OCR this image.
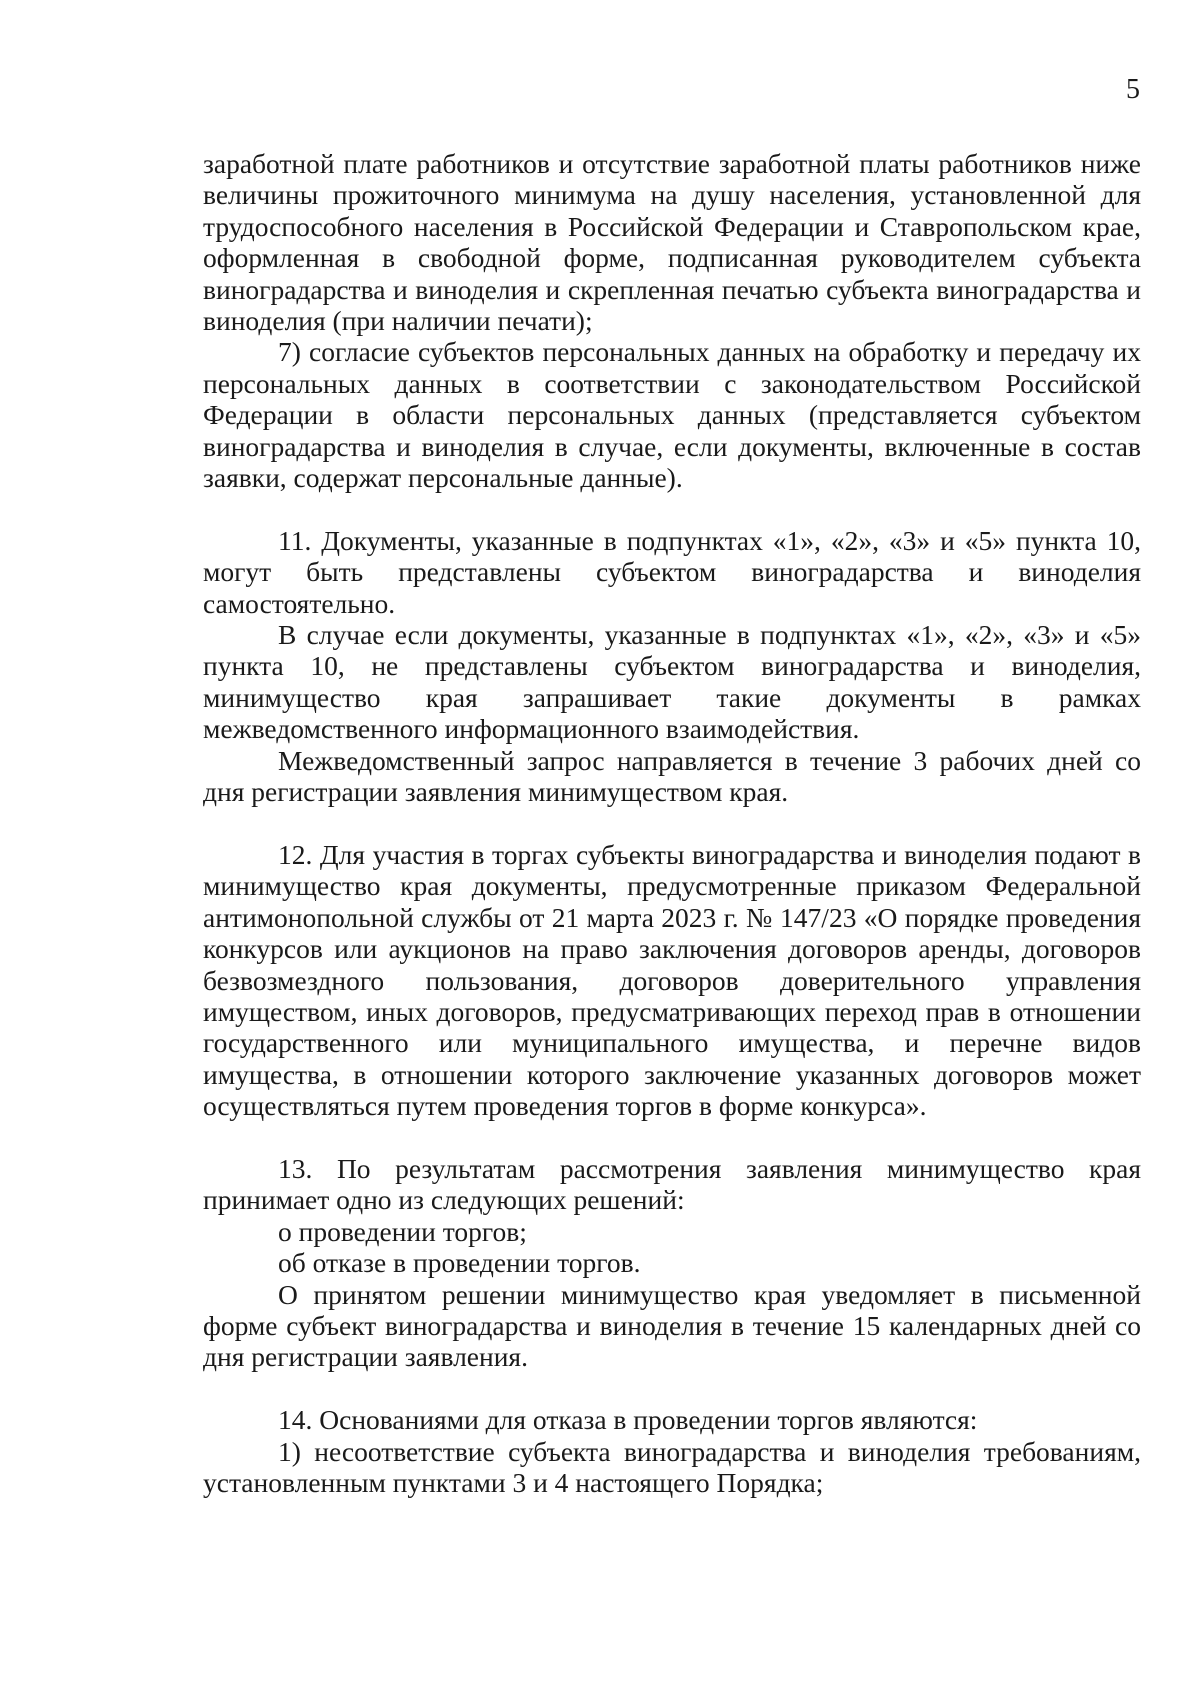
5

заработной плате работников и отсутствие заработной платы работников ниже величины прожиточного минимума на душу населения, установленной для трудоспособного населения в Российской Федерации и Ставропольском крае, оформленная в свободной форме, подписанная руководителем субъекта виноградарства и виноделия и скрепленная печатью субъекта виноградарства и виноделия (при наличии печати);

7) согласие субъектов персональных данных на обработку и передачу их персональных данных в соответствии с законодательством Российской Федерации в области персональных данных (представляется субъектом виноградарства и виноделия в случае, если документы, включенные в состав заявки, содержат персональные данные).

11. Документы, указанные в подпунктах «1», «2», «3» и «5» пункта 10, могут быть представлены субъектом виноградарства и виноделия самостоятельно.

В случае если документы, указанные в подпунктах «1», «2», «3» и «5» пункта 10, не представлены субъектом виноградарства и виноделия, минимущество края запрашивает такие документы в рамках межведомственного информационного взаимодействия.

Межведомственный запрос направляется в течение 3 рабочих дней со дня регистрации заявления минимуществом края.

12. Для участия в торгах субъекты виноградарства и виноделия подают в минимущество края документы, предусмотренные приказом Федеральной антимонопольной службы от 21 марта 2023 г. № 147/23 «О порядке проведения конкурсов или аукционов на право заключения договоров аренды, договоров безвозмездного пользования, договоров доверительного управления имуществом, иных договоров, предусматривающих переход прав в отношении государственного или муниципального имущества, и перечне видов имущества, в отношении которого заключение указанных договоров может осуществляться путем проведения торгов в форме конкурса».

13. По результатам рассмотрения заявления минимущество края принимает одно из следующих решений:

о проведении торгов;

об отказе в проведении торгов.

О принятом решении минимущество края уведомляет в письменной форме субъект виноградарства и виноделия в течение 15 календарных дней со дня регистрации заявления.

14. Основаниями для отказа в проведении торгов являются:

1) несоответствие субъекта виноградарства и виноделия требованиям, установленным пунктами 3 и 4 настоящего Порядка;
